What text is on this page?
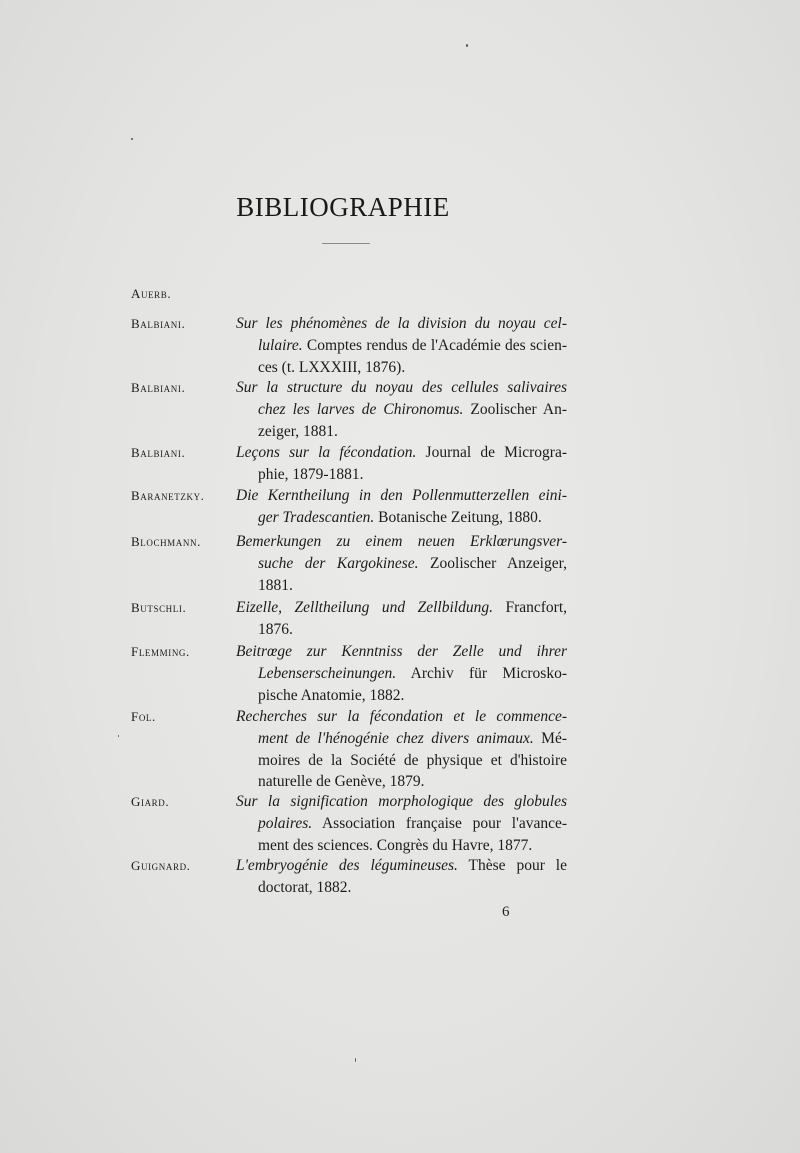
BIBLIOGRAPHIE
Auerb.
Balbiani.	Sur les phénomènes de la division du noyau cel-
lulaire. Comptes rendus de l'Académie des scien-
ces (t. LXXXIII, 1876).
Balbiani.	Sur la structure du noyau des cellules salivaires
chez les larves de Chironomus. Zoolischer An-
zeiger, 1881.
Balbiani.	Leçons sur la fécondation. Journal de Microgra-
phie, 1879-1881.
Baranetzky. Die Kerntheilung in den Pollenmutterzellen eini-
ger Tradescantien. Botanische Zeitung, 1880.
Blochmann. Bemerkungen zu einem neuen Erklœrungsver-
suche der Kargokinese. Zoolischer Anzeiger,
1881.
Butschli.	Eizelle, Zelltheilung und Zellbildung. Francfort,
1876.
Flemming.	Beitrœge zur Kenntniss der Zelle und ihrer
Lebenserscheinungen. Archiv für Microsko-
pische Anatomie, 1882.
Fol.	Recherches sur la fécondation et le commence-
ment de l'hénogénie chez divers animaux. Mé-
moires de la Société de physique et d'histoire
naturelle de Genève, 1879.
Giard.	Sur la signification morphologique des globules
polaires. Association française pour l'avance-
ment des sciences. Congrès du Havre, 1877.
Guignard.	L'embryogénie des légumineuses. Thèse pour le
doctorat, 1882.
6
